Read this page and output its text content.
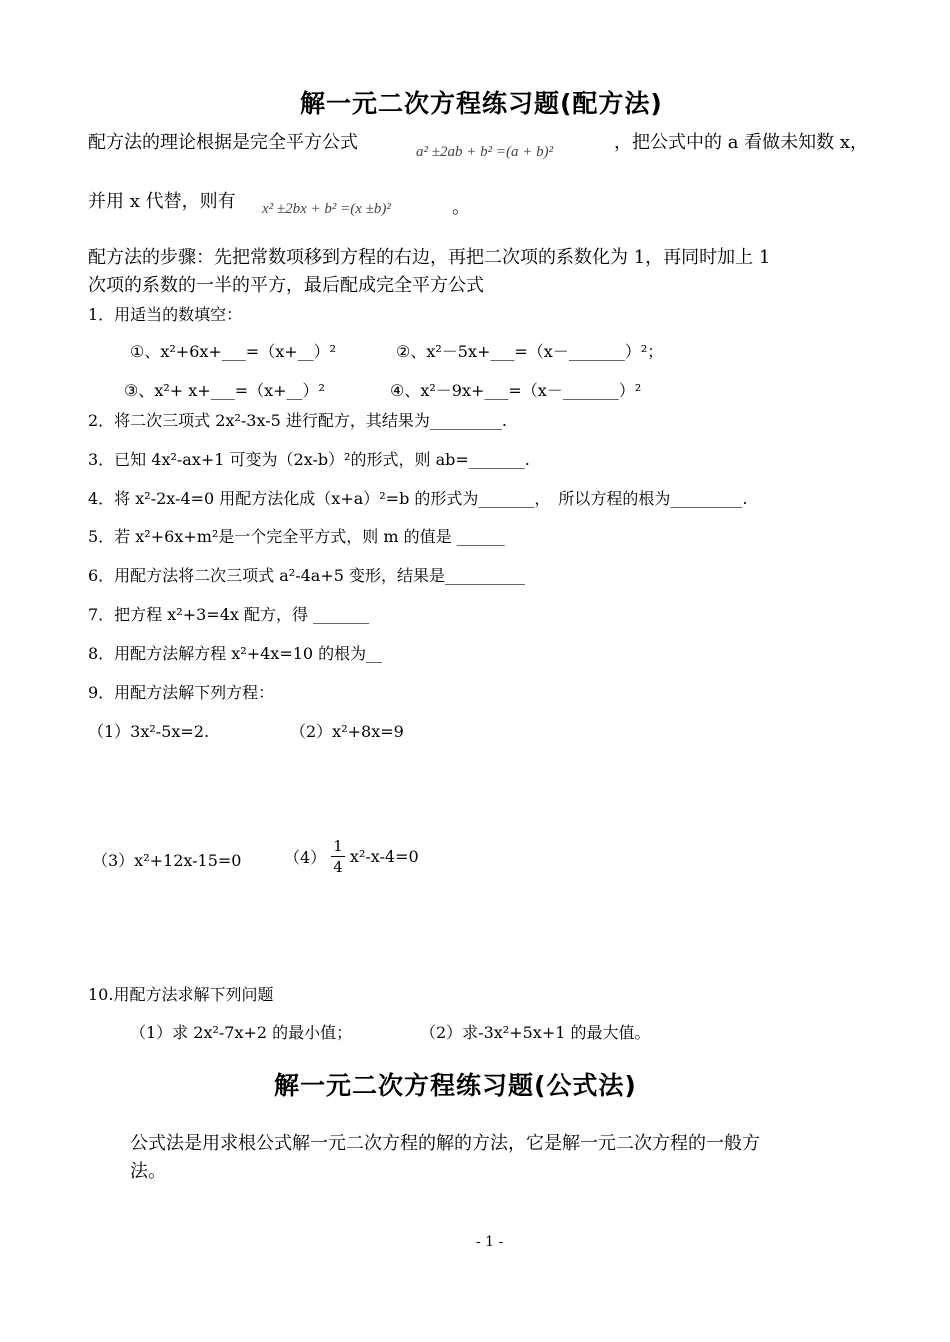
解一元二次方程练习题(配方法)
配方法的理论根据是完全平方公式	a² ±2ab + b² =(a + b)²	，把公式中的 a 看做未知数 x，
并用 x 代替，则有 x² ±2bx + b² =(x ±b)²	。
配方法的步骤：先把常数项移到方程的右边，再把二次项的系数化为 1，再同时加上 1
次项的系数的一半的平方，最后配成完全平方公式
1．用适当的数填空：
①、x²+6x+___=（x+__）²	②、x²－5x+___=（x－_______）²；
③、x²+ x+___=（x+__）²	④、x²－9x+___=（x－_______）²
2．将二次三项式 2x²-3x-5 进行配方，其结果为_________.
3．已知 4x²-ax+1 可变为（2x-b）²的形式，则 ab=_______.
4．将 x²-2x-4=0 用配方法化成（x+a）²=b 的形式为_______，　所以方程的根为_________.
5．若 x²+6x+m²是一个完全平方式，则 m 的值是 ______
6．用配方法将二次三项式 a²-4a+5 变形，结果是__________
7．把方程 x²+3=4x 配方，得 _______
8．用配方法解方程 x²+4x=10 的根为__
9．用配方法解下列方程：
（1）3x²-5x=2.	（2）x²+8x=9
（3）x²+12x-15=0	$(4) \frac{1}{4} x^2-x-4=0$
10.用配方法求解下列问题
（1）求 2x²-7x+2 的最小值；	（2）求-3x²+5x+1 的最大值。
解一元二次方程练习题(公式法)
公式法是用求根公式解一元二次方程的解的方法，它是解一元二次方程的一般方
法。
- 1 -
